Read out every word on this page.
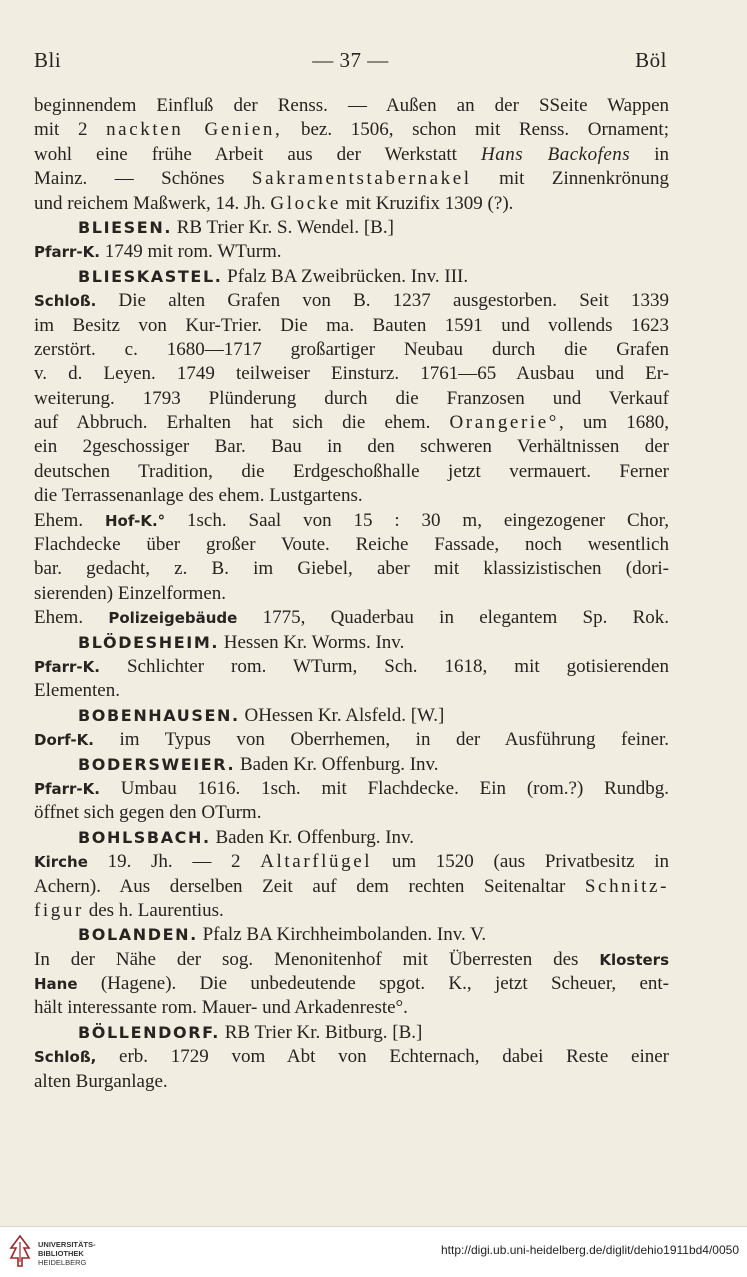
Bli	— 37 —	Böl
beginnendem Einfluß der Renss. — Außen an der SSeite Wappen
mit 2 nackten Genien, bez. 1506, schon mit Renss. Ornament;
wohl eine frühe Arbeit aus der Werkstatt Hans Backofens in
Mainz. — Schönes Sakramentstabernakel mit Zinnenkrönung
und reichem Maßwerk, 14. Jh. Glocke mit Kruzifix 1309 (?).
BLIESEN. RB Trier Kr. S. Wendel. [B.]
Pfarr-K. 1749 mit rom. WTurm.
BLIESKASTEL. Pfalz BA Zweibrücken. Inv. III.
Schloß. Die alten Grafen von B. 1237 ausgestorben. Seit 1339
im Besitz von Kur-Trier. Die ma. Bauten 1591 und vollends 1623
zerstört. c. 1680—1717 großartiger Neubau durch die Grafen
v. d. Leyen. 1749 teilweiser Einsturz. 1761—65 Ausbau und Er-
weiterung. 1793 Plünderung durch die Franzosen und Verkauf
auf Abbruch. Erhalten hat sich die ehem. Orangerie°, um 1680,
ein 2geschossiger Bar. Bau in den schweren Verhältnissen der
deutschen Tradition, die Erdgeschoßhalle jetzt vermauert. Ferner
die Terrassenanlage des ehem. Lustgartens.
Ehem. Hof-K.° 1sch. Saal von 15 : 30 m, eingezogener Chor,
Flachdecke über großer Voute. Reiche Fassade, noch wesentlich
bar. gedacht, z. B. im Giebel, aber mit klassizistischen (dori-
sierenden) Einzelformen.
Ehem. Polizeigebäude 1775, Quaderbau in elegantem Sp. Rok.
BLÖDESHEIM. Hessen Kr. Worms. Inv.
Pfarr-K. Schlichter rom. WTurm, Sch. 1618, mit gotisierenden
Elementen.
BOBENHAUSEN. OHessen Kr. Alsfeld. [W.]
Dorf-K. im Typus von Oberrhemen, in der Ausführung feiner.
BODERSWEIER. Baden Kr. Offenburg. Inv.
Pfarr-K. Umbau 1616. 1sch. mit Flachdecke. Ein (rom.?) Rundbg.
öffnet sich gegen den OTurm.
BOHLSBACH. Baden Kr. Offenburg. Inv.
Kirche 19. Jh. — 2 Altarflügel um 1520 (aus Privatbesitz in
Achern). Aus derselben Zeit auf dem rechten Seitenaltar Schnitz-
figur des h. Laurentius.
BOLANDEN. Pfalz BA Kirchheimbolanden. Inv. V.
In der Nähe der sog. Menonitenhof mit Überresten des Klosters
Hane (Hagene). Die unbedeutende spgot. K., jetzt Scheuer, ent-
hält interessante rom. Mauer- und Arkadenreste°.
BÖLLENDORF. RB Trier Kr. Bitburg. [B.]
Schloß, erb. 1729 vom Abt von Echternach, dabei Reste einer
alten Burganlage.
UNIVERSITÄTS-
BIBLIOTHEK
HEIDELBERG
http://digi.ub.uni-heidelberg.de/diglit/dehio1911bd4/0050
